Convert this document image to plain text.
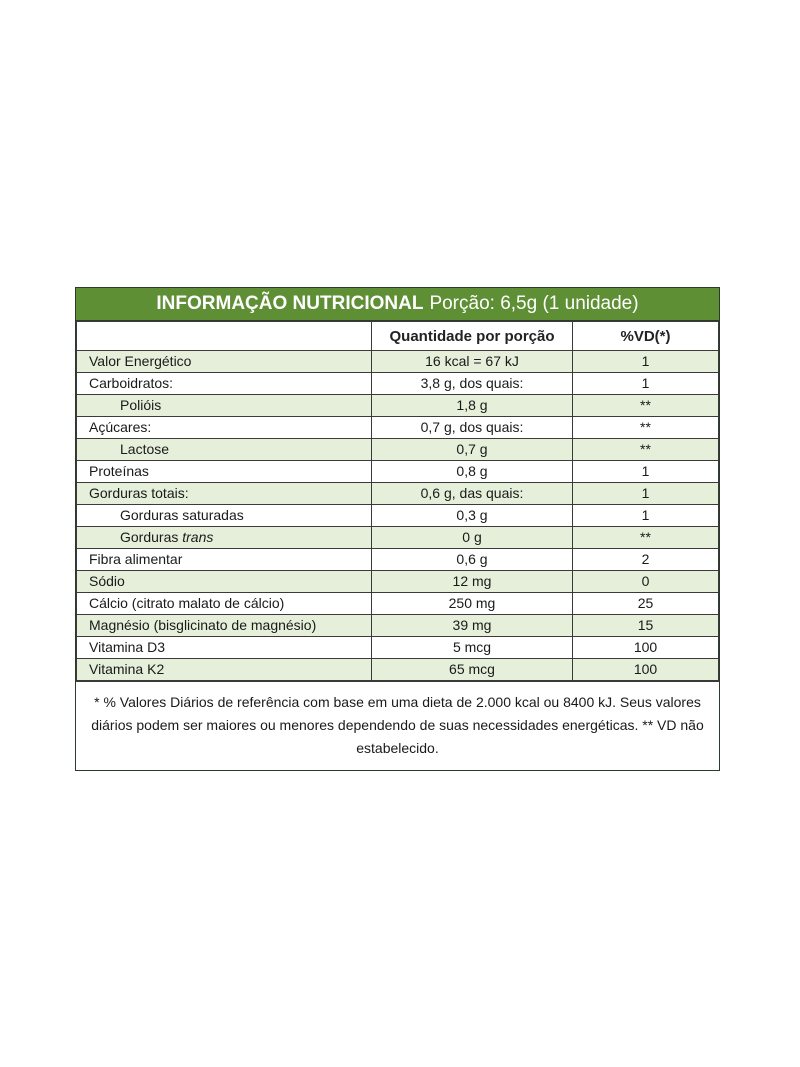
INFORMAÇÃO NUTRICIONAL Porção: 6,5g (1 unidade)
	Quantidade por porção	%VD(*)
Valor Energético	16 kcal = 67 kJ	1
Carboidratos:	3,8 g, dos quais:	1
Polióis	1,8 g	**
Açúcares:	0,7 g, dos quais:	**
Lactose	0,7 g	**
Proteínas	0,8 g	1
Gorduras totais:	0,6 g, das quais:	1
Gorduras saturadas	0,3 g	1
Gorduras trans	0 g	**
Fibra alimentar	0,6 g	2
Sódio	12 mg	0
Cálcio (citrato malato de cálcio)	250 mg	25
Magnésio (bisglicinato de magnésio)	39 mg	15
Vitamina D3	5 mcg	100
Vitamina K2	65 mcg	100
* % Valores Diários de referência com base em uma dieta de 2.000 kcal ou 8400 kJ. Seus valores diários podem ser maiores ou menores dependendo de suas necessidades energéticas. ** VD não estabelecido.
